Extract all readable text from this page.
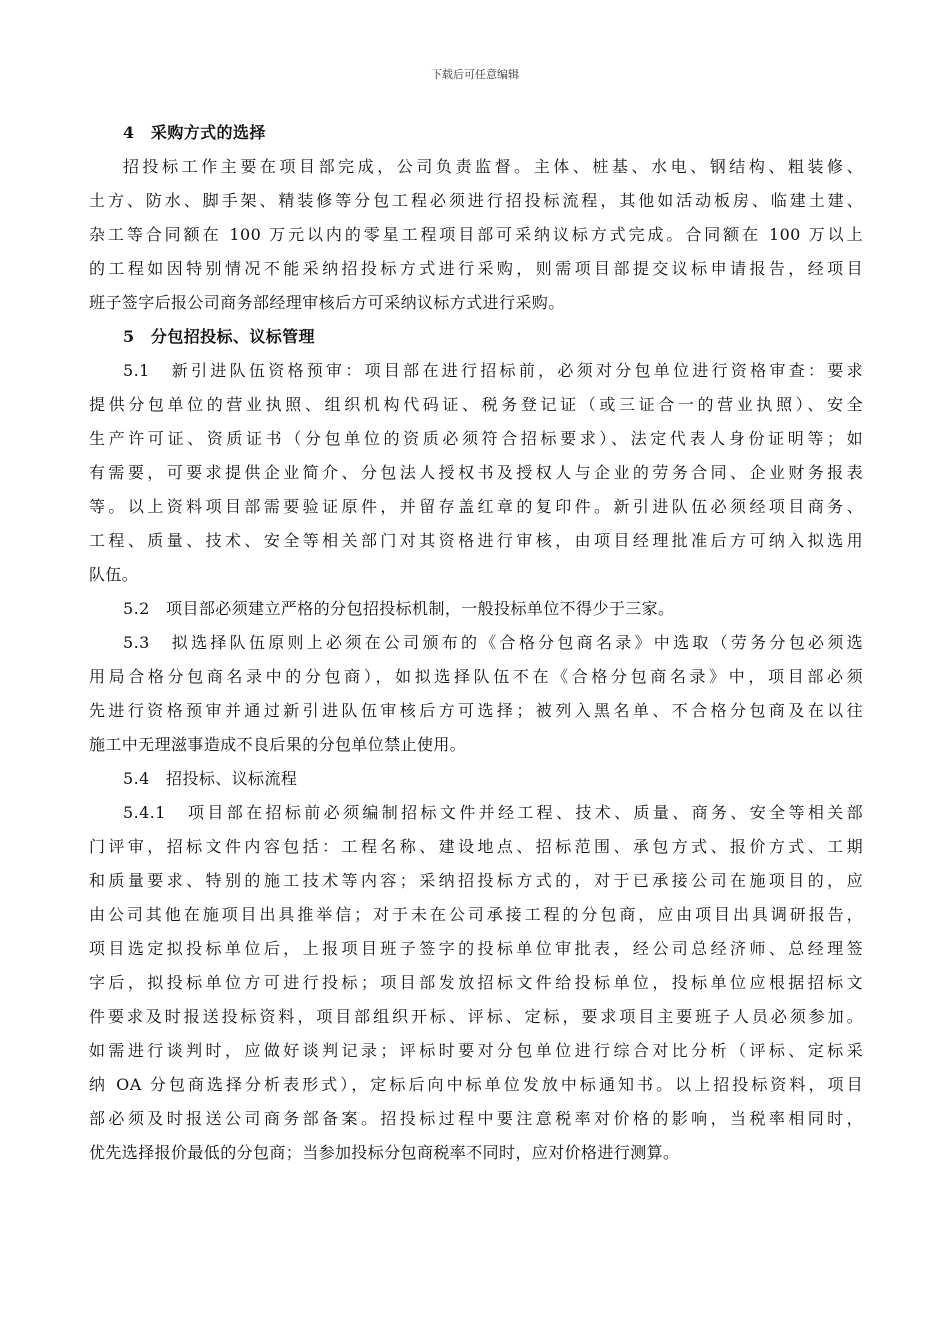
下载后可任意编辑
4　采购方式的选择
招投标工作主要在项目部完成，公司负责监督。主体、桩基、水电、钢结构、粗装修、
土方、防水、脚手架、精装修等分包工程必须进行招投标流程，其他如活动板房、临建土建、
杂工等合同额在 100 万元以内的零星工程项目部可采纳议标方式完成。合同额在 100 万以上
的工程如因特别情况不能采纳招投标方式进行采购，则需项目部提交议标申请报告，经项目
班子签字后报公司商务部经理审核后方可采纳议标方式进行采购。
5　分包招投标、议标管理
5.1　新引进队伍资格预审：项目部在进行招标前，必须对分包单位进行资格审查：要求
提供分包单位的营业执照、组织机构代码证、税务登记证（或三证合一的营业执照）、安全
生产许可证、资质证书（分包单位的资质必须符合招标要求）、法定代表人身份证明等；如
有需要，可要求提供企业简介、分包法人授权书及授权人与企业的劳务合同、企业财务报表
等。以上资料项目部需要验证原件，并留存盖红章的复印件。新引进队伍必须经项目商务、
工程、质量、技术、安全等相关部门对其资格进行审核，由项目经理批准后方可纳入拟选用
队伍。
5.2　项目部必须建立严格的分包招投标机制，一般投标单位不得少于三家。
5.3　拟选择队伍原则上必须在公司颁布的《合格分包商名录》中选取（劳务分包必须选
用局合格分包商名录中的分包商），如拟选择队伍不在《合格分包商名录》中，项目部必须
先进行资格预审并通过新引进队伍审核后方可选择；被列入黑名单、不合格分包商及在以往
施工中无理滋事造成不良后果的分包单位禁止使用。
5.4　招投标、议标流程
5.4.1　项目部在招标前必须编制招标文件并经工程、技术、质量、商务、安全等相关部
门评审，招标文件内容包括：工程名称、建设地点、招标范围、承包方式、报价方式、工期
和质量要求、特别的施工技术等内容；采纳招投标方式的，对于已承接公司在施项目的，应
由公司其他在施项目出具推举信；对于未在公司承接工程的分包商，应由项目出具调研报告，
项目选定拟投标单位后，上报项目班子签字的投标单位审批表，经公司总经济师、总经理签
字后，拟投标单位方可进行投标；项目部发放招标文件给投标单位，投标单位应根据招标文
件要求及时报送投标资料，项目部组织开标、评标、定标，要求项目主要班子人员必须参加。
如需进行谈判时，应做好谈判记录；评标时要对分包单位进行综合对比分析（评标、定标采
纳 OA 分包商选择分析表形式），定标后向中标单位发放中标通知书。以上招投标资料，项目
部必须及时报送公司商务部备案。招投标过程中要注意税率对价格的影响，当税率相同时，
优先选择报价最低的分包商；当参加投标分包商税率不同时，应对价格进行测算。
